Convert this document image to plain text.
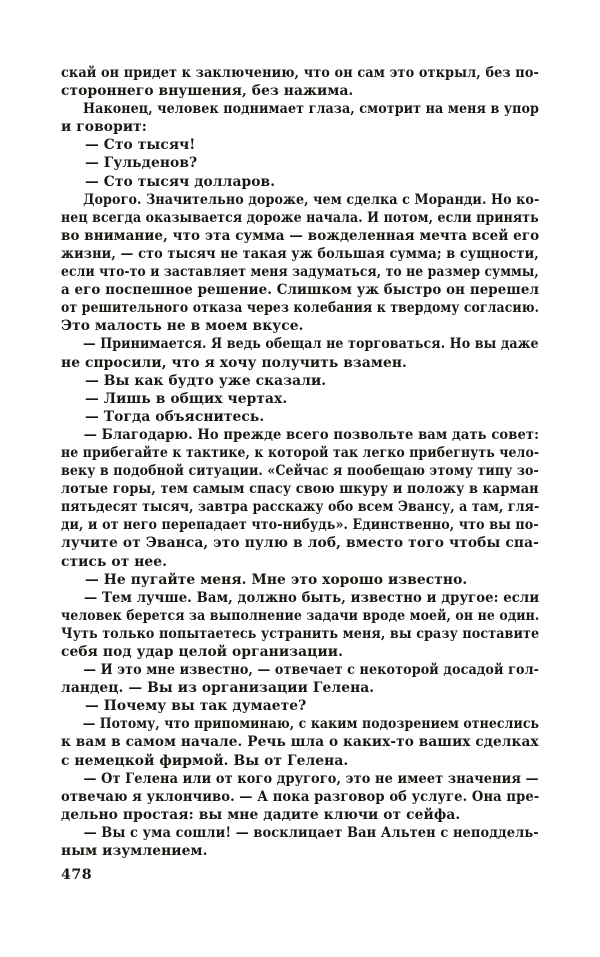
скай он придет к заключению, что он сам это открыл, без по-
стороннего внушения, без нажима.

Наконец, человек поднимает глаза, смотрит на меня в упор
и говорит:

— Сто тысяч!

— Гульденов?

— Сто тысяч долларов.

Дорого. Значительно дороже, чем сделка с Моранди. Но ко-
нец всегда оказывается дороже начала. И потом, если принять
во внимание, что эта сумма — вожделенная мечта всей его
жизни, — сто тысяч не такая уж большая сумма; в сущности,
если что-то и заставляет меня задуматься, то не размер суммы,
а его поспешное решение. Слишком уж быстро он перешел
от решительного отказа через колебания к твердому согласию.
Это малость не в моем вкусе.

— Принимается. Я ведь обещал не торговаться. Но вы даже
не спросили, что я хочу получить взамен.

— Вы как будто уже сказали.

— Лишь в общих чертах.

— Тогда объяснитесь.

— Благодарю. Но прежде всего позвольте вам дать совет:
не прибегайте к тактике, к которой так легко прибегнуть чело-
веку в подобной ситуации. «Сейчас я пообещаю этому типу зо-
лотые горы, тем самым спасу свою шкуру и положу в карман
пятьдесят тысяч, завтра расскажу обо всем Эвансу, а там, гля-
ди, и от него перепадает что-нибудь». Единственно, что вы по-
лучите от Эванса, это пулю в лоб, вместо того чтобы спа-
стись от нее.

— Не пугайте меня. Мне это хорошо известно.

— Тем лучше. Вам, должно быть, известно и другое: если
человек берется за выполнение задачи вроде моей, он не один.
Чуть только попытаетесь устранить меня, вы сразу поставите
себя под удар целой организации.

— И это мне известно, — отвечает с некоторой досадой гол-
ландец. — Вы из организации Гелена.

— Почему вы так думаете?

— Потому, что припоминаю, с каким подозрением отнеслись
к вам в самом начале. Речь шла о каких-то ваших сделках
с немецкой фирмой. Вы от Гелена.

— От Гелена или от кого другого, это не имеет значения —
отвечаю я уклончиво. — А пока разговор об услуге. Она пре-
дельно простая: вы мне дадите ключи от сейфа.

— Вы с ума сошли! — восклицает Ван Альтен с неподдель-
ным изумлением.

478
